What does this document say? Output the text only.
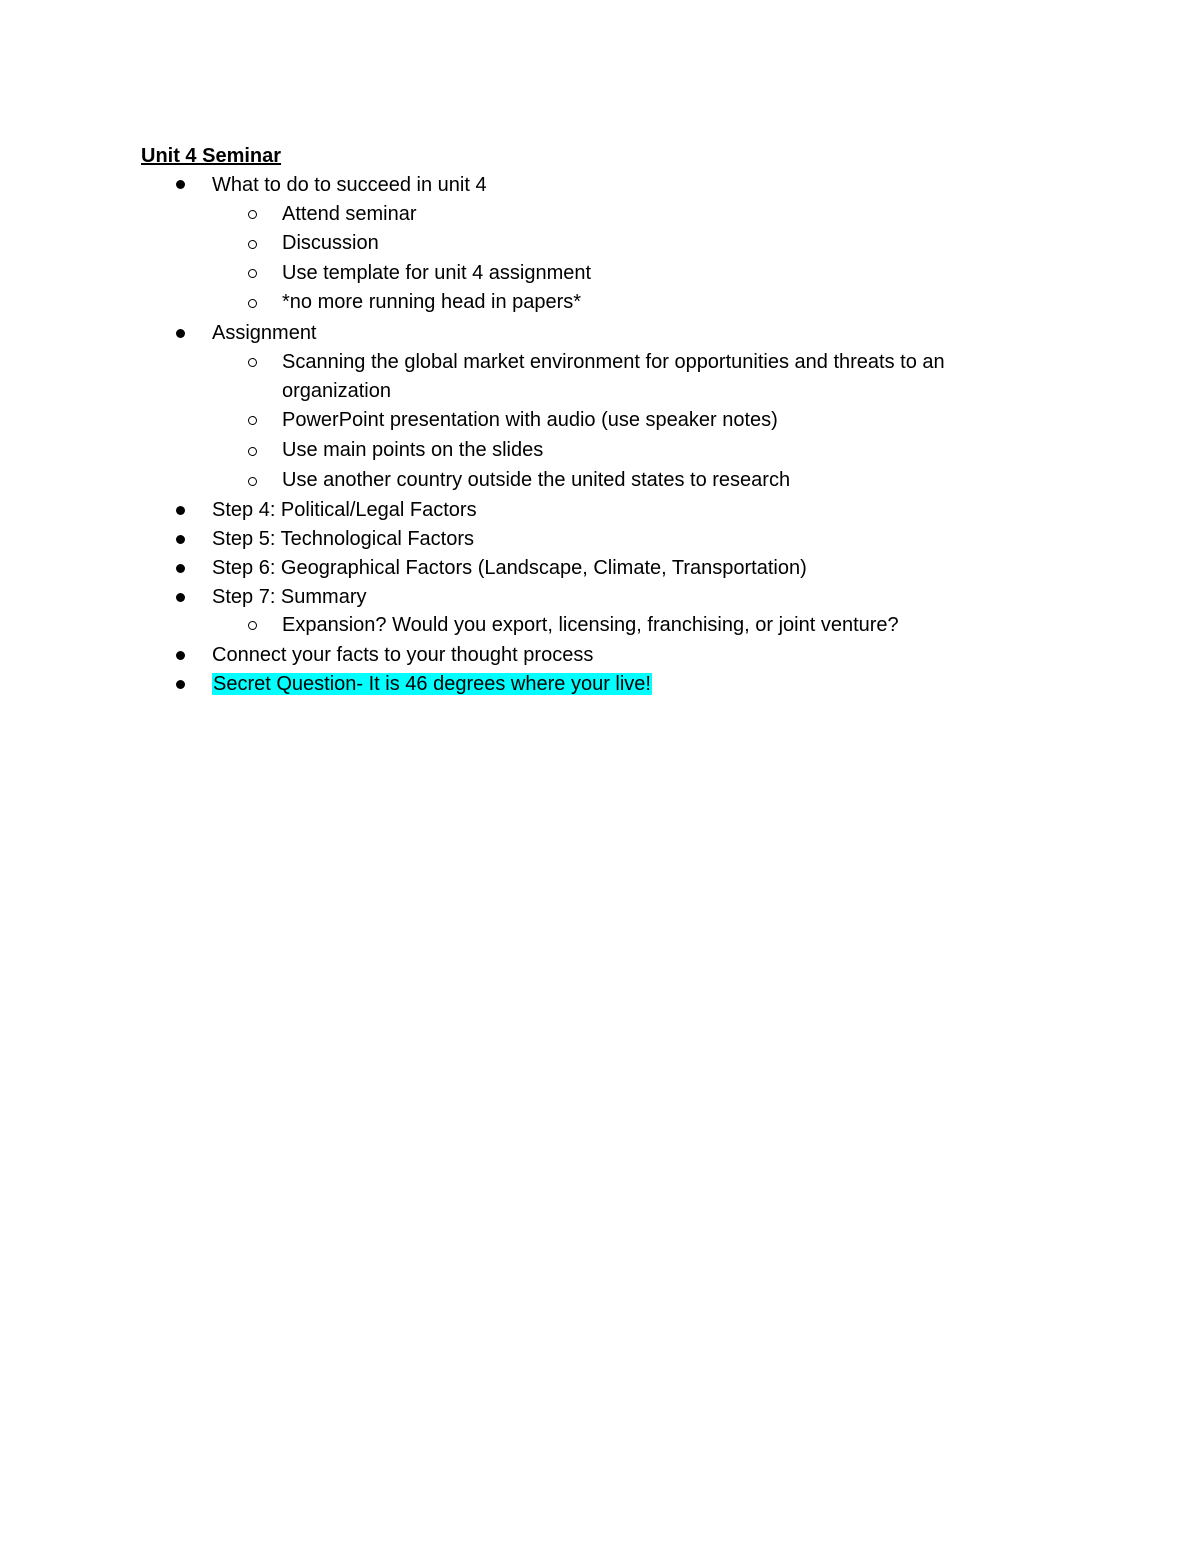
Unit 4 Seminar
What to do to succeed in unit 4
Attend seminar
Discussion
Use template for unit 4 assignment
*no more running head in papers*
Assignment
Scanning the global market environment for opportunities and threats to an
organization
PowerPoint presentation with audio (use speaker notes)
Use main points on the slides
Use another country outside the united states to research
Step 4: Political/Legal Factors
Step 5: Technological Factors
Step 6: Geographical Factors (Landscape, Climate, Transportation)
Step 7: Summary
Expansion? Would you export, licensing, franchising, or joint venture?
Connect your facts to your thought process
Secret Question- It is 46 degrees where your live!
